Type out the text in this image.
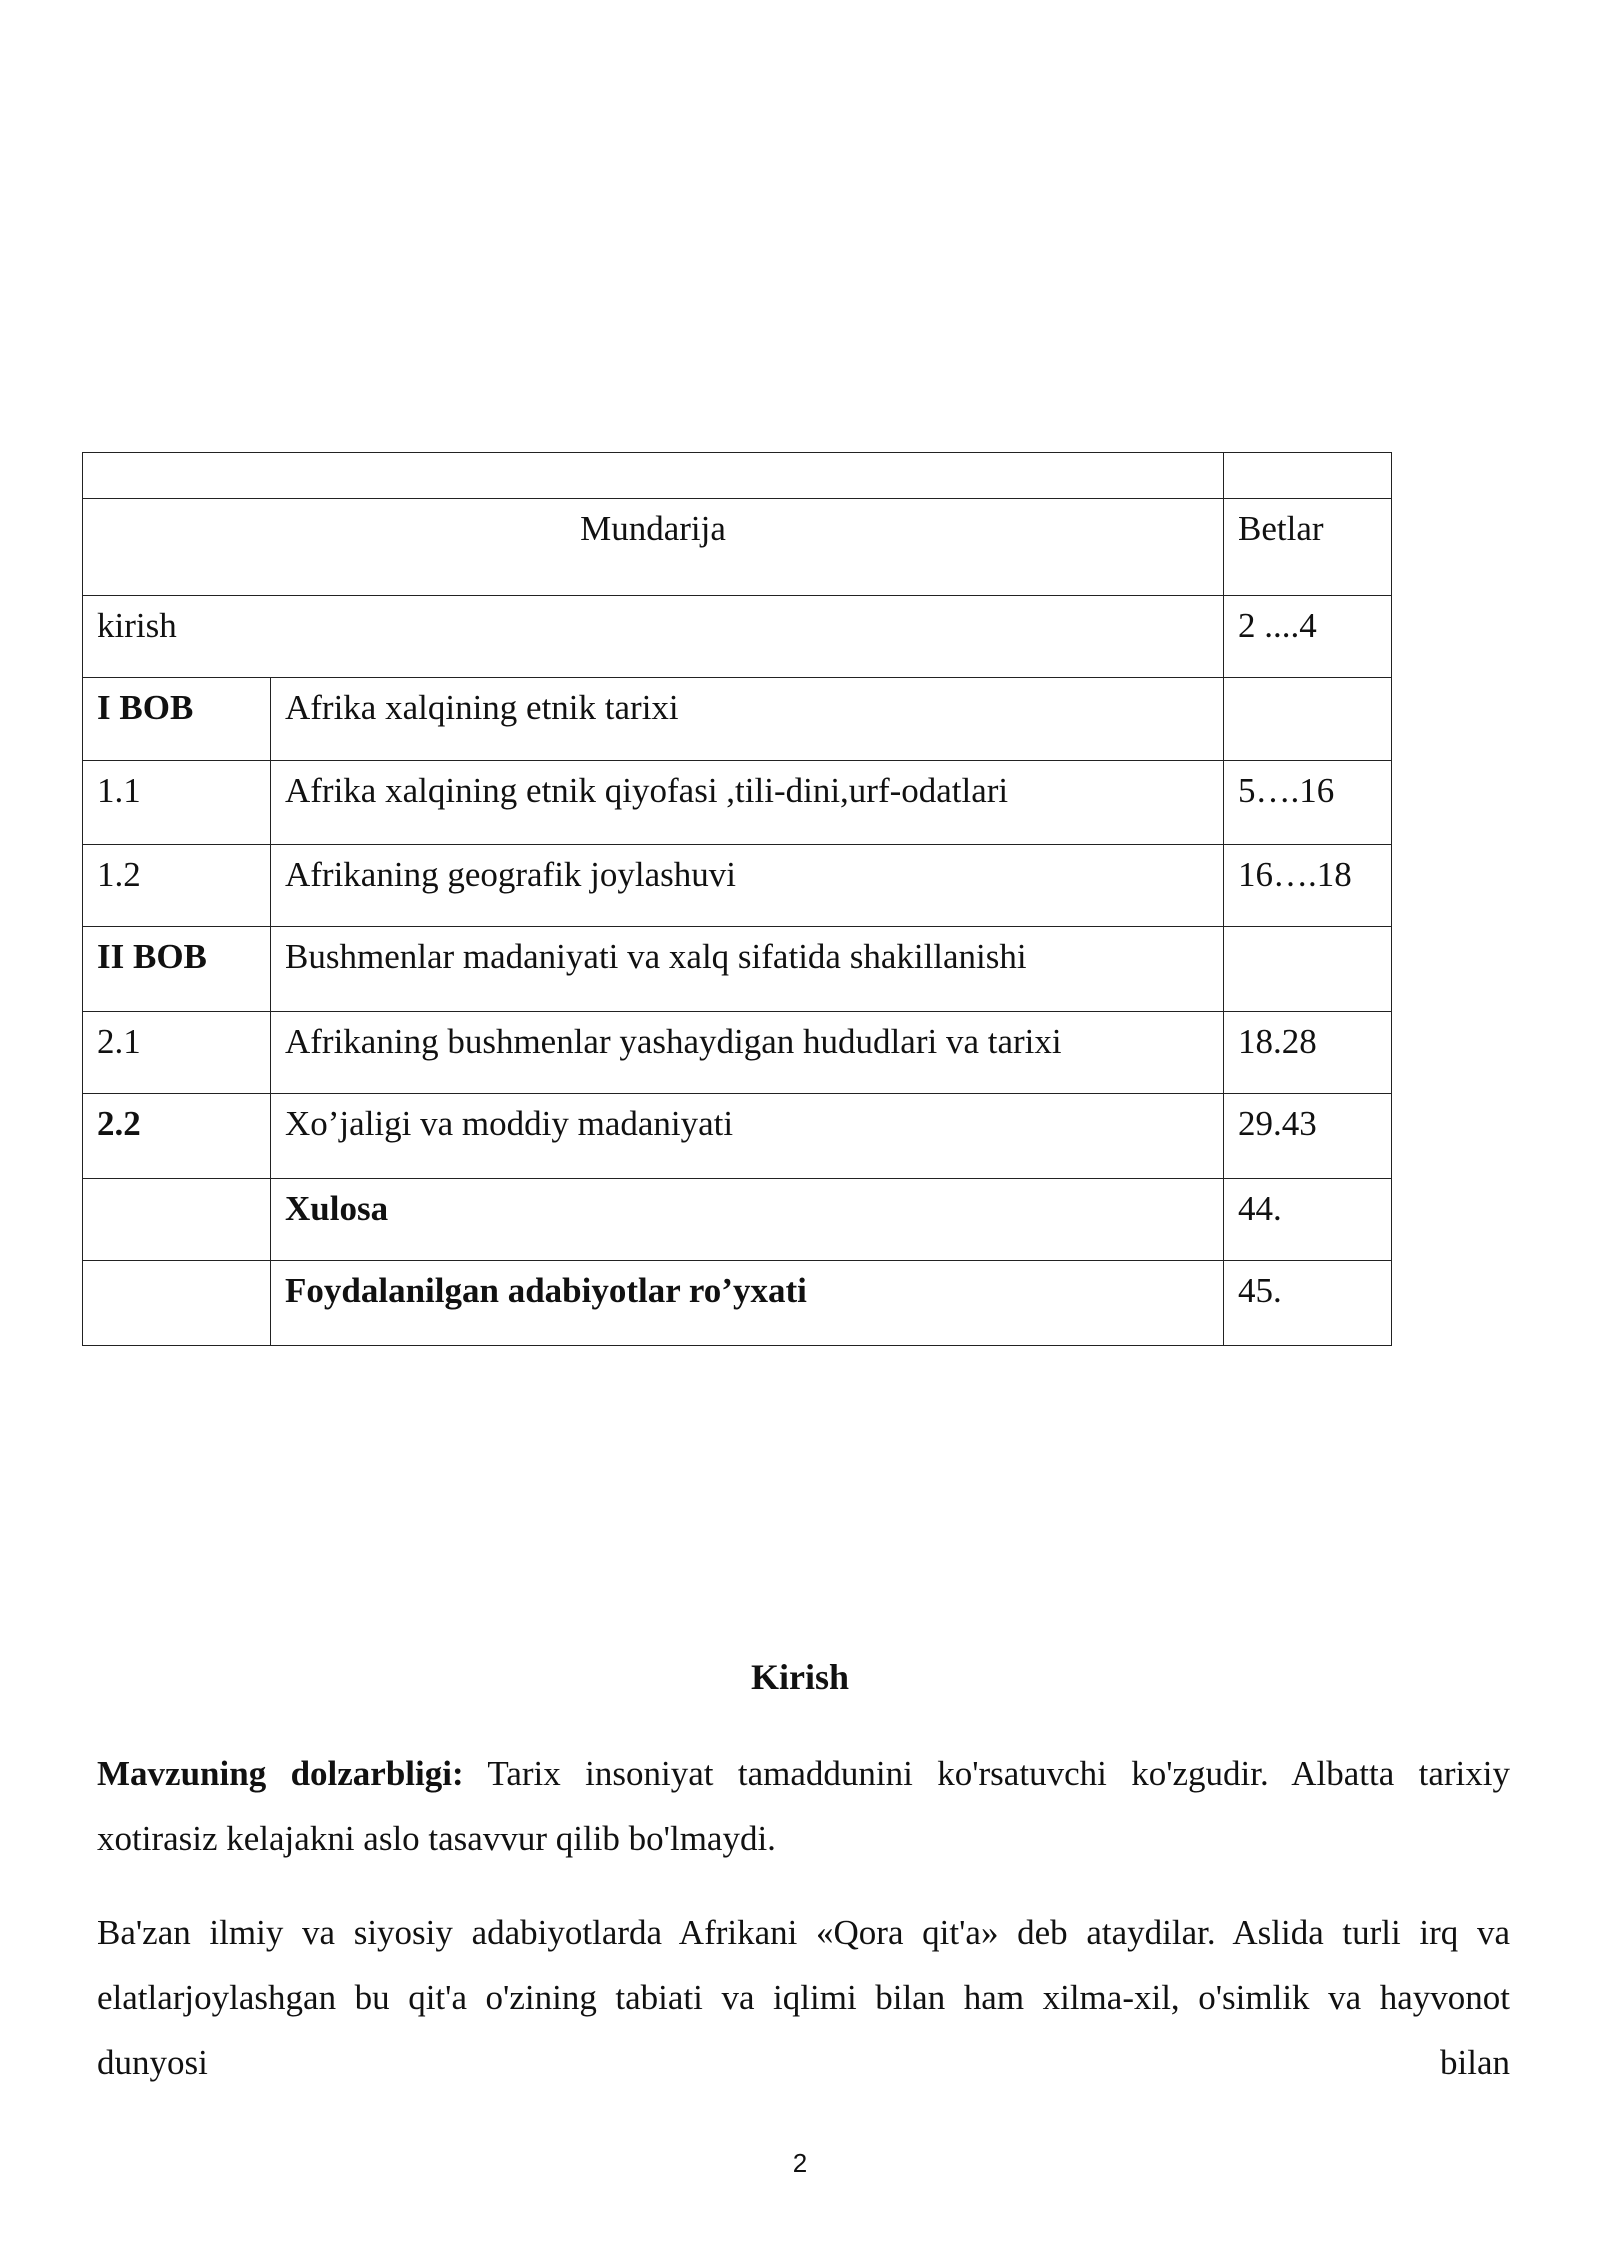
Mundarija		Betlar
kirish		2 ....4
I BOB	Afrika xalqining etnik tarixi	
1.1	Afrika xalqining etnik qiyofasi ,tili-dini,urf-odatlari	5….16
1.2	Afrikaning geografik joylashuvi	16….18
II BOB	Bushmenlar madaniyati va xalq sifatida shakillanishi	
2.1	Afrikaning bushmenlar yashaydigan hududlari va tarixi	18.28
2.2	Xo’jaligi va moddiy madaniyati	29.43
	Xulosa	44.
	Foydalanilgan adabiyotlar ro’yxati	45.
Kirish

Mavzuning dolzarbligi: Tarix insoniyat tamaddunini ko'rsatuvchi ko'zgudir. Albatta tarixiy xotirasiz kelajakni aslo tasavvur qilib bo'lmaydi.

Ba'zan ilmiy va siyosiy adabiyotlarda Afrikani «Qora qit'a» deb ataydilar. Aslida turli irq va elatlarjoylashgan bu qit'a o'zining tabiati va iqlimi bilan ham xilma-xil, o'simlik va hayvonot dunyosi bilan

2
